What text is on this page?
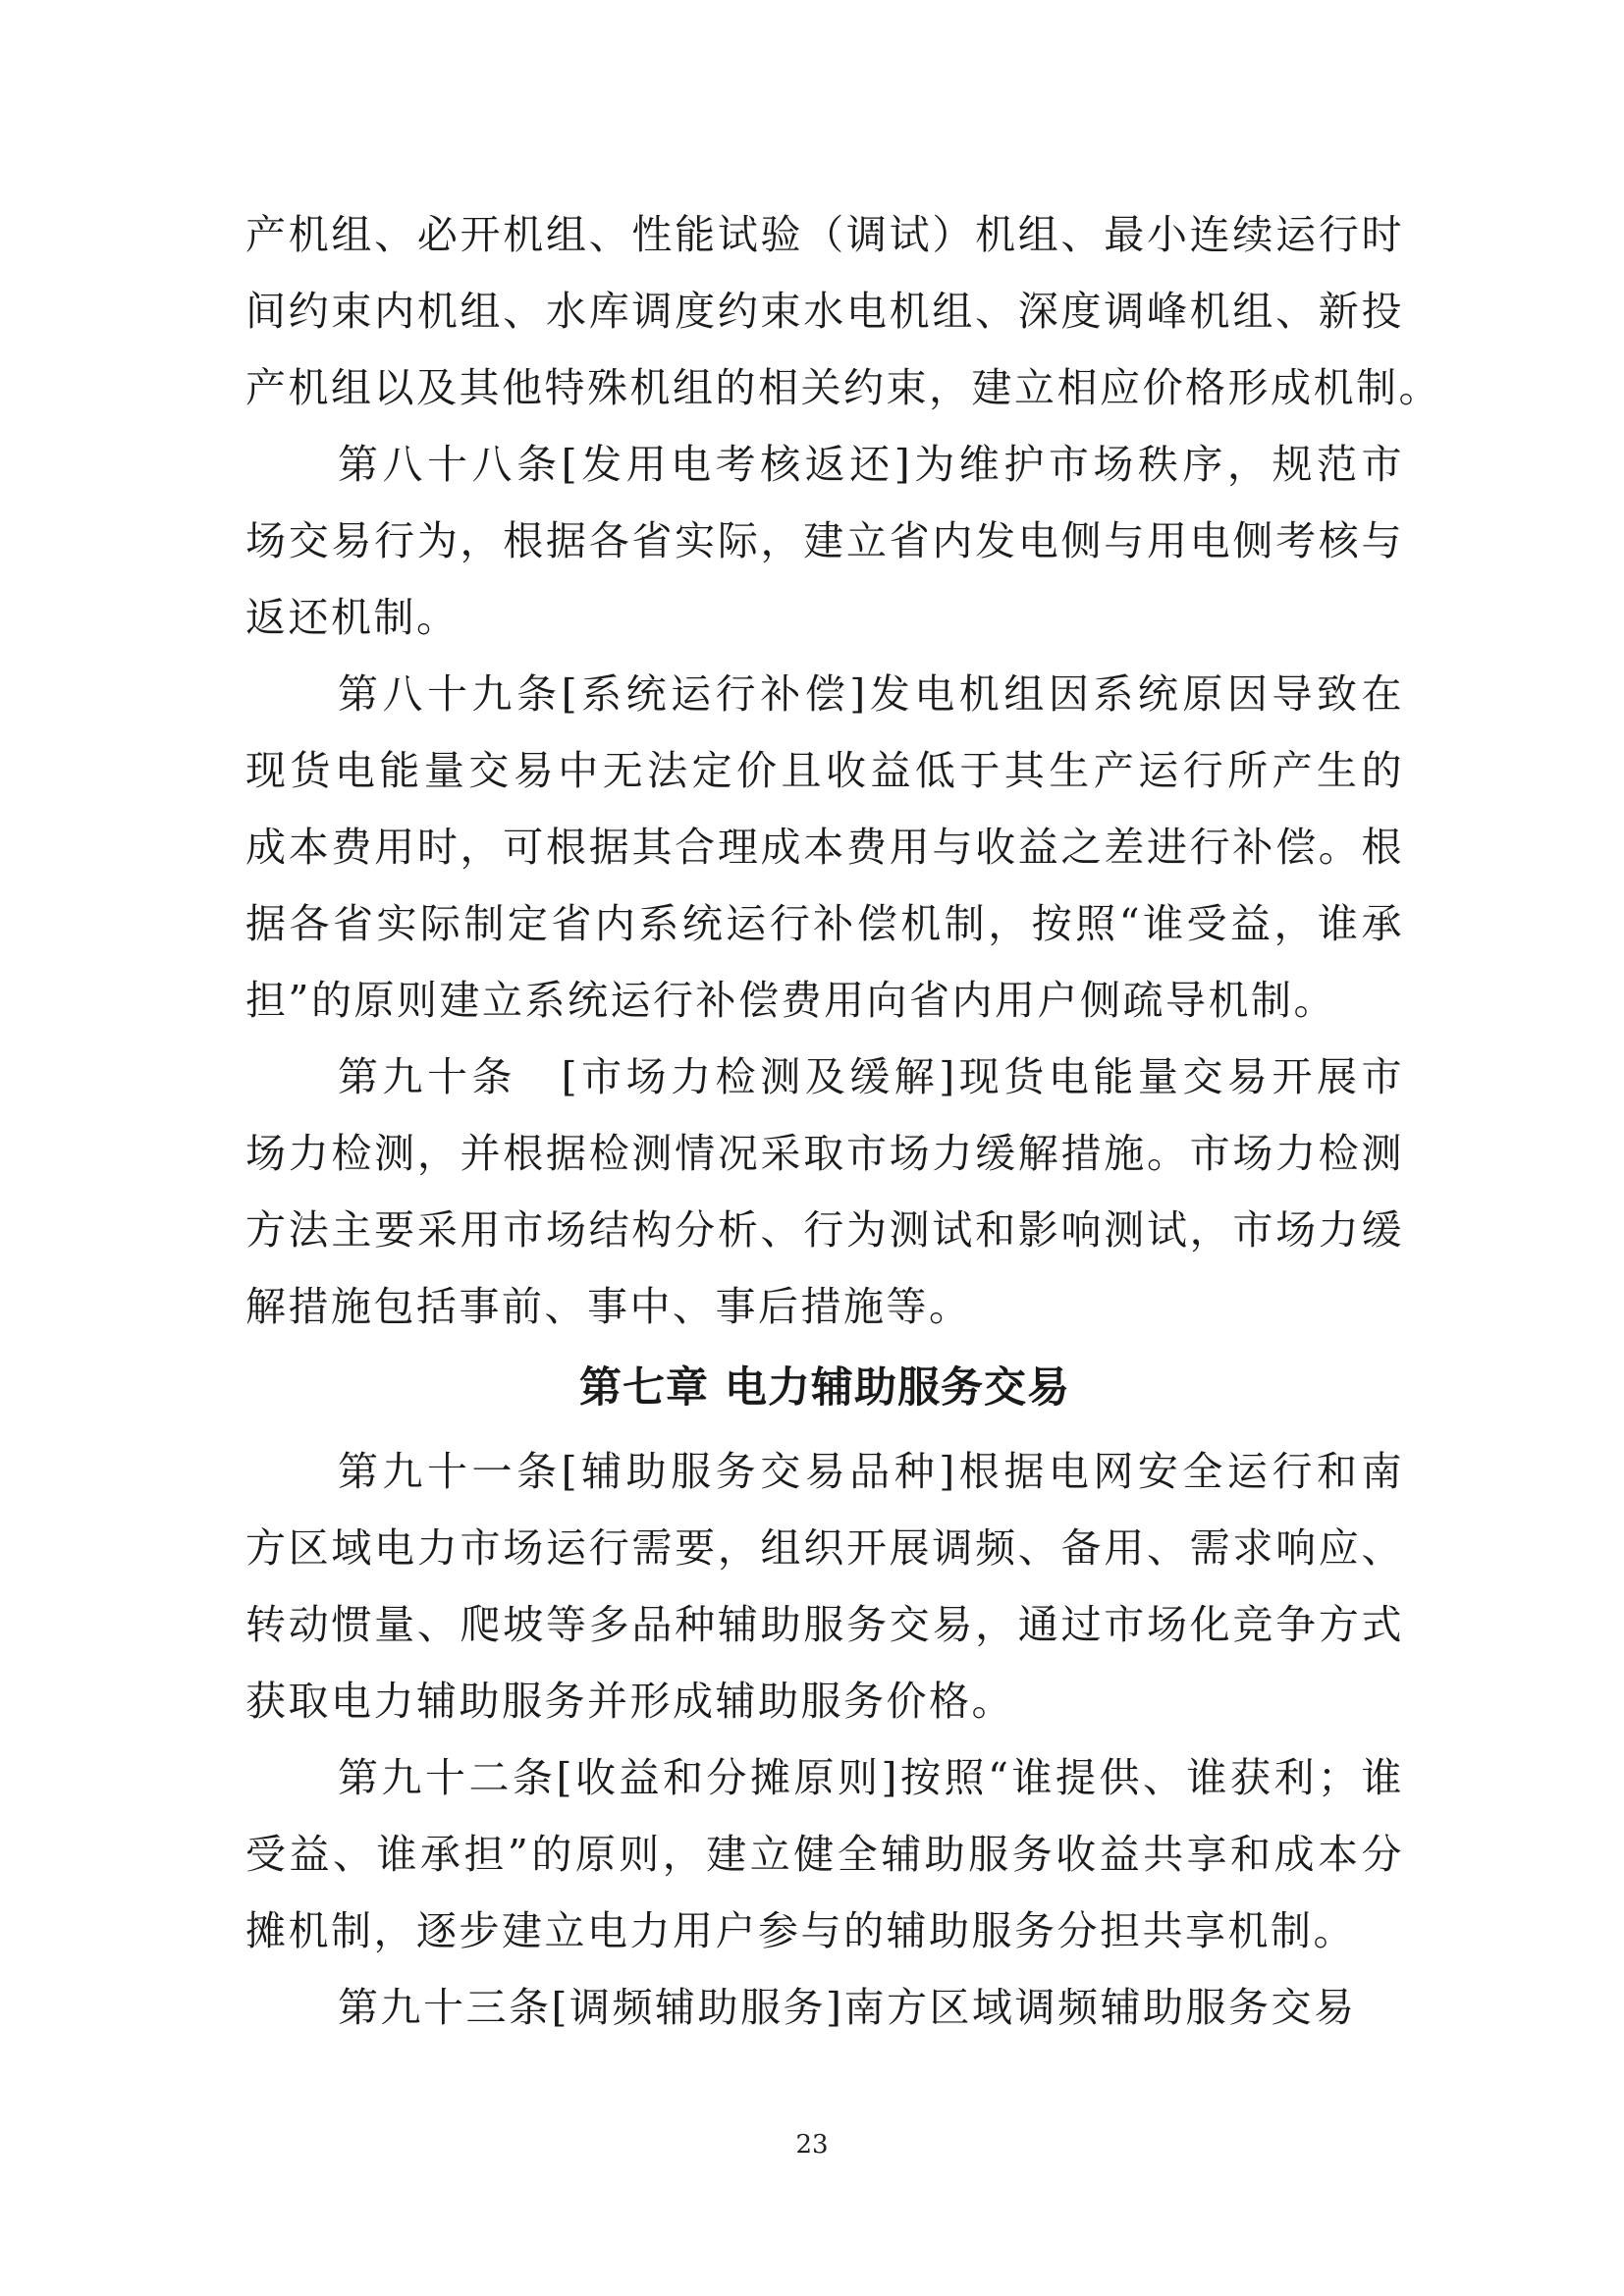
产机组、必开机组、性能试验（调试）机组、最小连续运行时
间约束内机组、水库调度约束水电机组、深度调峰机组、新投
产机组以及其他特殊机组的相关约束，建立相应价格形成机制。

第八十八条[发用电考核返还]为维护市场秩序，规范市
场交易行为，根据各省实际，建立省内发电侧与用电侧考核与
返还机制。

第八十九条[系统运行补偿]发电机组因系统原因导致在
现货电能量交易中无法定价且收益低于其生产运行所产生的
成本费用时，可根据其合理成本费用与收益之差进行补偿。根
据各省实际制定省内系统运行补偿机制，按照“谁受益，谁承
担”的原则建立系统运行补偿费用向省内用户侧疏导机制。

第九十条　[市场力检测及缓解]现货电能量交易开展市
场力检测，并根据检测情况采取市场力缓解措施。市场力检测
方法主要采用市场结构分析、行为测试和影响测试，市场力缓
解措施包括事前、事中、事后措施等。

第七章 电力辅助服务交易

第九十一条[辅助服务交易品种]根据电网安全运行和南
方区域电力市场运行需要，组织开展调频、备用、需求响应、
转动惯量、爬坡等多品种辅助服务交易，通过市场化竞争方式
获取电力辅助服务并形成辅助服务价格。

第九十二条[收益和分摊原则]按照“谁提供、谁获利；谁
受益、谁承担”的原则，建立健全辅助服务收益共享和成本分
摊机制，逐步建立电力用户参与的辅助服务分担共享机制。

第九十三条[调频辅助服务]南方区域调频辅助服务交易

23
